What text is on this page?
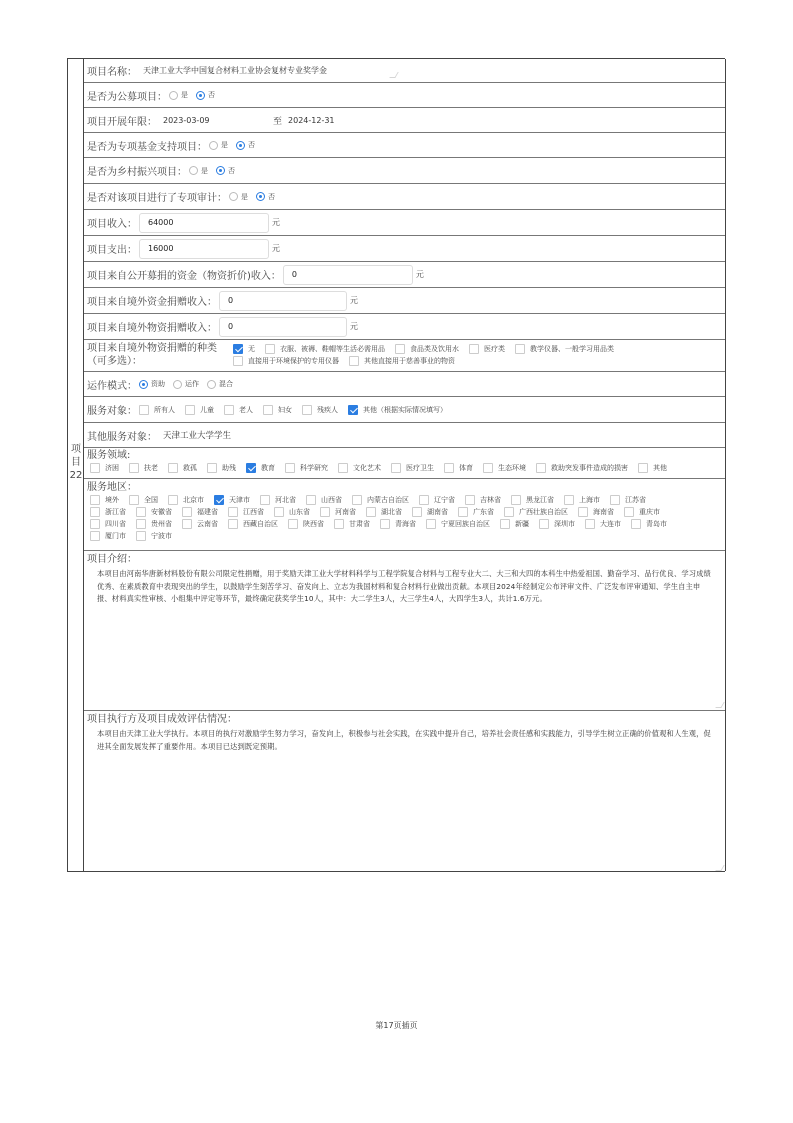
项
目
22
项目名称： 天津工业大学中国复合材料工业协会复材专业奖学金
是否为公募项目： 是	否
项目开展年限： 2023-03-09	至 2024-12-31
是否为专项基金支持项目： 是	否
是否为乡村振兴项目： 是	否
是否对该项目进行了专项审计： 是	否
项目收入：	64000	元
项目支出：	16000	元
项目来自公开募捐的资金（物资折价)收入：	0	元
项目来自境外资金捐赠收入：	0	元
项目来自境外物资捐赠收入：	0	元
项目来自境外物资捐赠的种类
（可多选）：
无	衣服、被褥、鞋帽等生活必需用品	食品类及饮用水	医疗类	教学仪器、一般学习用品类
直接用于环境保护的专用仪器	其他直接用于慈善事业的物资
运作模式： 资助	运作	混合
服务对象： 所有人	儿童	老人	妇女	残疾人	其他（根据实际情况填写）
其他服务对象： 天津工业大学学生
服务领域:
济困	扶老	救孤	助残	教育	科学研究	文化艺术	医疗卫生	体育	生态环境	救助突发事件造成的损害	其他
服务地区：
境外	全国	北京市	天津市	河北省	山西省	内蒙古自治区	辽宁省	吉林省	黑龙江省	上海市	江苏省
浙江省	安徽省	福建省	江西省	山东省	河南省	湖北省	湖南省	广东省	广西壮族自治区	海南省	重庆市
四川省	贵州省	云南省	西藏自治区	陕西省	甘肃省	青海省	宁夏回族自治区	新疆	深圳市	大连市	青岛市
厦门市	宁波市
项目介绍：
本项目由河南华唐新材料股份有限公司限定性捐赠，用于奖励天津工业大学材料科学与工程学院复合材料与工程专业大二、大三和大四的本科生中热爱祖国、勤奋学习、品行优良、学习成绩优秀、在素质教育中表现突出的学生，以鼓励学生刻苦学习、奋发向上、立志为我国材料和复合材料行业做出贡献。本项目2024年经制定公布评审文件、广泛发布评审通知、学生自主申报、材料真实性审核、小组集中评定等环节，最终确定获奖学生10人，其中：大二学生3人，大三学生4人，大四学生3人，共计1.6万元。
项目执行方及项目成效评估情况：
本项目由天津工业大学执行。本项目的执行对激励学生努力学习，奋发向上，积极参与社会实践，在实践中提升自己，培养社会责任感和实践能力，引导学生树立正确的价值观和人生观，促进其全面发展发挥了重要作用。本项目已达到既定预期。
第17页插页
